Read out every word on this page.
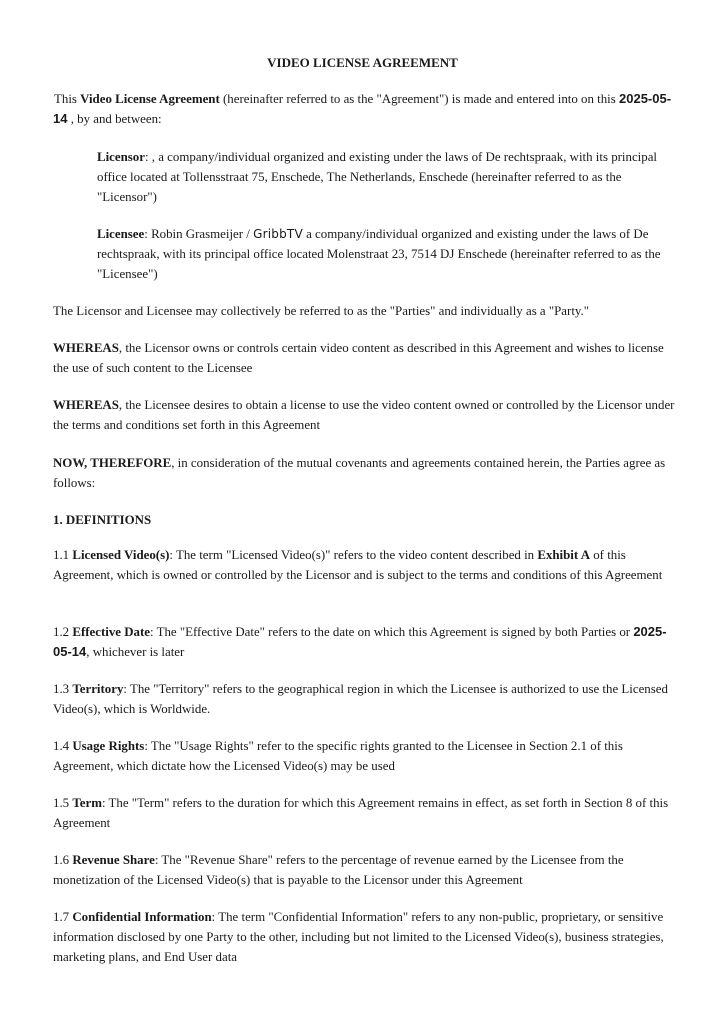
VIDEO LICENSE AGREEMENT

This Video License Agreement (hereinafter referred to as the "Agreement") is made and entered into on this 2025-05-14 , by and between:

Licensor: , a company/individual organized and existing under the laws of De rechtspraak, with its principal office located at Tollensstraat 75, Enschede, The Netherlands, Enschede (hereinafter referred to as the "Licensor")

Licensee: Robin Grasmeijer / GribbTV a company/individual organized and existing under the laws of De rechtspraak, with its principal office located Molenstraat 23, 7514 DJ Enschede (hereinafter referred to as the "Licensee")

The Licensor and Licensee may collectively be referred to as the "Parties" and individually as a "Party."

WHEREAS, the Licensor owns or controls certain video content as described in this Agreement and wishes to license the use of such content to the Licensee

WHEREAS, the Licensee desires to obtain a license to use the video content owned or controlled by the Licensor under the terms and conditions set forth in this Agreement

NOW, THEREFORE, in consideration of the mutual covenants and agreements contained herein, the Parties agree as follows:

1. DEFINITIONS

1.1 Licensed Video(s): The term "Licensed Video(s)" refers to the video content described in Exhibit A of this Agreement, which is owned or controlled by the Licensor and is subject to the terms and conditions of this Agreement

1.2 Effective Date: The "Effective Date" refers to the date on which this Agreement is signed by both Parties or 2025-05-14, whichever is later

1.3 Territory: The "Territory" refers to the geographical region in which the Licensee is authorized to use the Licensed Video(s), which is Worldwide.

1.4 Usage Rights: The "Usage Rights" refer to the specific rights granted to the Licensee in Section 2.1 of this Agreement, which dictate how the Licensed Video(s) may be used

1.5 Term: The "Term" refers to the duration for which this Agreement remains in effect, as set forth in Section 8 of this Agreement

1.6 Revenue Share: The "Revenue Share" refers to the percentage of revenue earned by the Licensee from the monetization of the Licensed Video(s) that is payable to the Licensor under this Agreement

1.7 Confidential Information: The term "Confidential Information" refers to any non-public, proprietary, or sensitive information disclosed by one Party to the other, including but not limited to the Licensed Video(s), business strategies, marketing plans, and End User data
